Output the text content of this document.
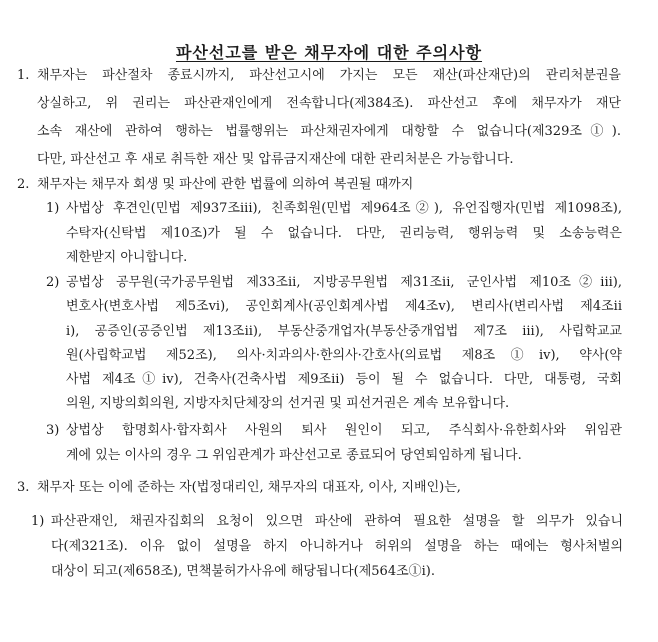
파산선고를 받은 채무자에 대한 주의사항
1. 채무자는 파산절차 종료시까지, 파산선고시에 가지는 모든 재산(파산재단)의 관리처분권을
상실하고, 위 권리는 파산관재인에게 전속합니다(제384조). 파산선고 후에 채무자가 재단
소속 재산에 관하여 행하는 법률행위는 파산채권자에게 대항할 수 없습니다(제329조①).
다만, 파산선고 후 새로 취득한 재산 및 압류금지재산에 대한 관리처분은 가능합니다.
2. 채무자는 채무자 회생 및 파산에 관한 법률에 의하여 복권될 때까지
1) 사법상 후견인(민법 제937조iii), 친족회원(민법 제964조②), 유언집행자(민법 제1098조),
수탁자(신탁법 제10조)가 될 수 없습니다. 다만, 권리능력, 행위능력 및 소송능력은
제한받지 아니합니다.
2) 공법상 공무원(국가공무원법 제33조ii, 지방공무원법 제31조ii, 군인사법 제10조②iii),
변호사(변호사법 제5조vi), 공인회계사(공인회계사법 제4조v), 변리사(변리사법 제4조ii
i), 공증인(공증인법 제13조ii), 부동산중개업자(부동산중개업법 제7조 iii), 사립학교교
원(사립학교법 제52조), 의사·치과의사·한의사·간호사(의료법 제8조①iv), 약사(약
사법 제4조①iv), 건축사(건축사법 제9조ii) 등이 될 수 없습니다. 다만, 대통령, 국회
의원, 지방의회의원, 지방자치단체장의 선거권 및 피선거권은 계속 보유합니다.
3) 상법상 합명회사·합자회사 사원의 퇴사 원인이 되고, 주식회사·유한회사와 위임관
계에 있는 이사의 경우 그 위임관계가 파산선고로 종료되어 당연퇴임하게 됩니다.
3. 채무자 또는 이에 준하는 자(법정대리인, 채무자의 대표자, 이사, 지배인)는,
1) 파산관재인, 채권자집회의 요청이 있으면 파산에 관하여 필요한 설명을 할 의무가 있습니
다(제321조). 이유 없이 설명을 하지 아니하거나 허위의 설명을 하는 때에는 형사처벌의
대상이 되고(제658조), 면책불허가사유에 해당됩니다(제564조①i).
